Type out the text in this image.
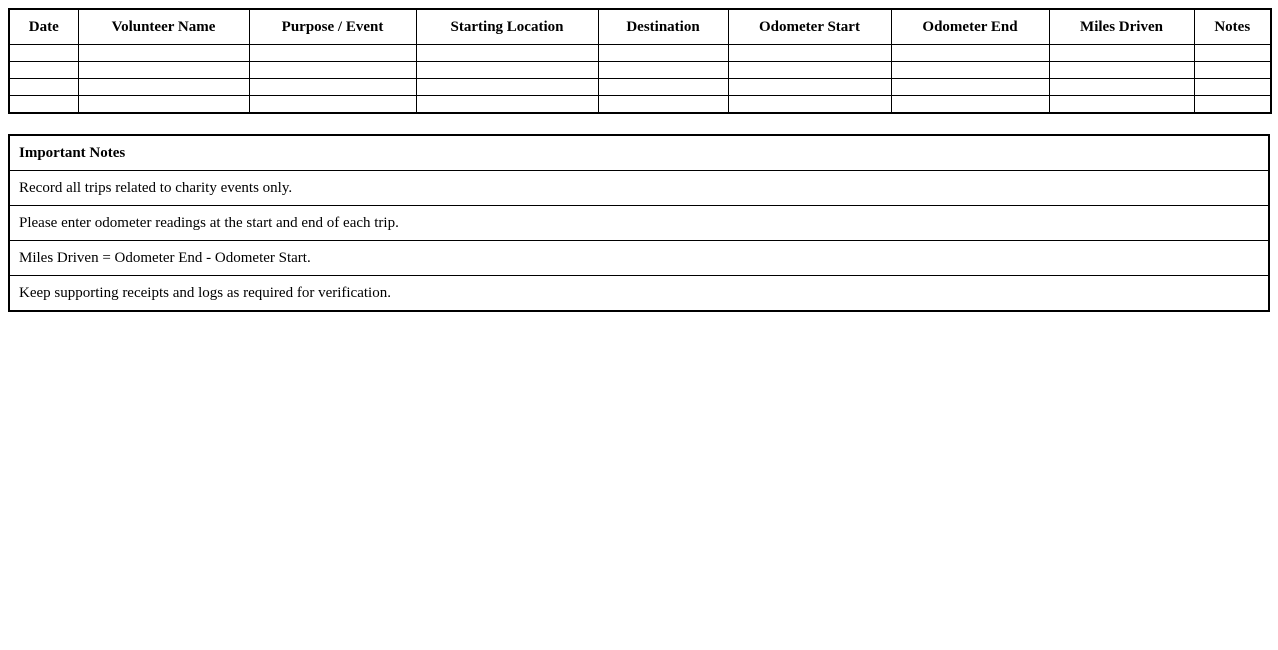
Date	Volunteer Name	Purpose / Event	Starting Location	Destination	Odometer Start	Odometer End	Miles Driven	Notes

Important Notes
Record all trips related to charity events only.
Please enter odometer readings at the start and end of each trip.
Miles Driven = Odometer End - Odometer Start.
Keep supporting receipts and logs as required for verification.
